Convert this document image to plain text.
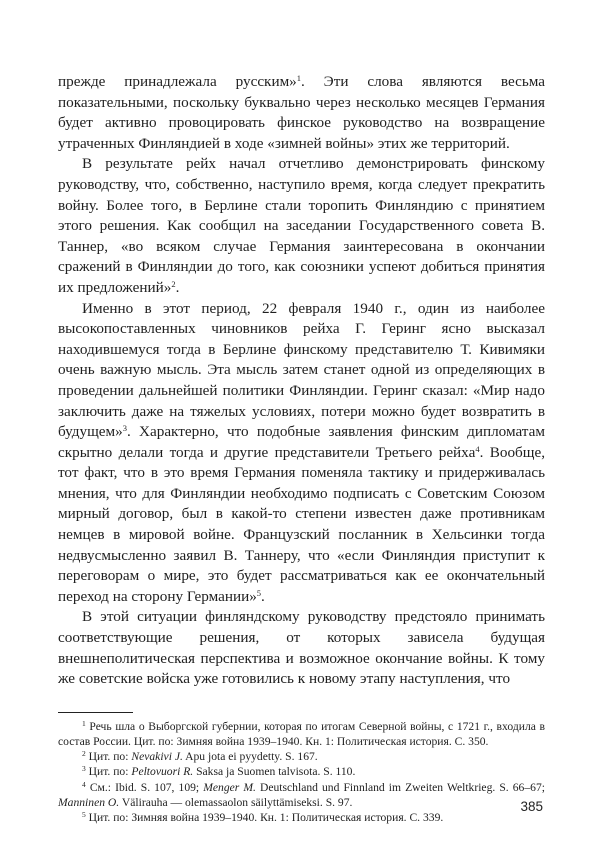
прежде принадлежала русским»$^1$. Эти слова являются весьма показательными, поскольку буквально через несколько месяцев Германия будет активно провоцировать финское руководство на возвращение утраченных Финляндией в ходе «зимней войны» этих же территорий.

В результате рейх начал отчетливо демонстрировать финскому руководству, что, собственно, наступило время, когда следует прекратить войну. Более того, в Берлине стали торопить Финляндию с принятием этого решения. Как сообщил на заседании Государственного совета В. Таннер, «во всяком случае Германия заинтересована в окончании сражений в Финляндии до того, как союзники успеют добиться принятия их предложений»$^2$.

Именно в этот период, 22 февраля 1940 г., один из наиболее высокопоставленных чиновников рейха Г. Геринг ясно высказал находившемуся тогда в Берлине финскому представителю Т. Кивимяки очень важную мысль. Эта мысль затем станет одной из определяющих в проведении дальнейшей политики Финляндии. Геринг сказал: «Мир надо заключить даже на тяжелых условиях, потери можно будет возвратить в будущем»$^3$. Характерно, что подобные заявления финским дипломатам скрытно делали тогда и другие представители Третьего рейха$^4$. Вообще, тот факт, что в это время Германия поменяла тактику и придерживалась мнения, что для Финляндии необходимо подписать с Советским Союзом мирный договор, был в какой-то степени известен даже противникам немцев в мировой войне. Французский посланник в Хельсинки тогда недвусмысленно заявил В. Таннеру, что «если Финляндия приступит к переговорам о мире, это будет рассматриваться как ее окончательный переход на сторону Германии»$^5$.

В этой ситуации финляндскому руководству предстояло принимать соответствующие решения, от которых зависела будущая внешнеполитическая перспектива и возможное окончание войны. К тому же советские войска уже готовились к новому этапу наступления, что

$^1$ Речь шла о Выборгской губернии, которая по итогам Северной войны, с 1721 г., входила в состав России. Цит. по: Зимняя война 1939–1940. Кн. 1: Политическая история. С. 350.

$^2$ Цит. по: Nevakivi J. Apu jota ei pyydetty. S. 167.

$^3$ Цит. по: Peltovuori R. Saksa ja Suomen talvisota. S. 110.

$^4$ См.: Ibid. S. 107, 109; Menger M. Deutschland und Finnland im Zweiten Weltkrieg. S. 66–67; Manninen O. Välirauha — olemassaolon säilyttämiseksi. S. 97.

$^5$ Цит. по: Зимняя война 1939–1940. Кн. 1: Политическая история. С. 339.

385
